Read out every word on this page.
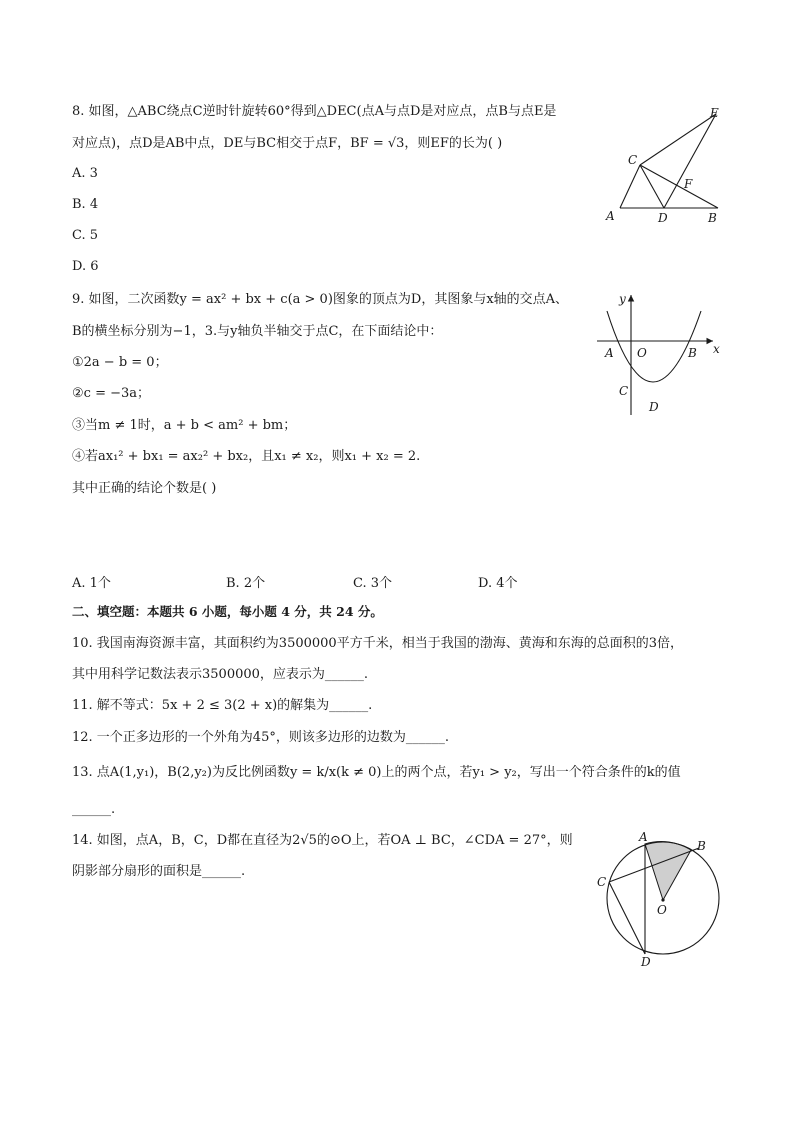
8. 如图，△ABC绕点C逆时针旋转60°得到△DEC(点A与点D是对应点，点B与点E是
对应点)，点D是AB中点，DE与BC相交于点F，BF = √3，则EF的长为( )
A. 3
B. 4
C. 5
D. 6
A	D	B
C
E
F
9. 如图，二次函数y = ax² + bx + c(a > 0)图象的顶点为D，其图象与x轴的交点A、
B的横坐标分别为−1，3.与y轴负半轴交于点C，在下面结论中：
①2a − b = 0；
②c = −3a；
③当m ≠ 1时，a + b < am² + bm；
④若ax₁² + bx₁ = ax₂² + bx₂，且x₁ ≠ x₂，则x₁ + x₂ = 2.
其中正确的结论个数是( )
A. 1个	B. 2个	C. 3个	D. 4个
y
x
A O	B
C
D
二、填空题：本题共 6 小题，每小题 4 分，共 24 分。
10. 我国南海资源丰富，其面积约为3500000平方千米，相当于我国的渤海、黄海和东海的总面积的3倍，
其中用科学记数法表示3500000，应表示为______.
11. 解不等式：5x + 2 ≤ 3(2 + x)的解集为______.
12. 一个正多边形的一个外角为45°，则该多边形的边数为______.
13. 点A(1,y₁)，B(2,y₂)为反比例函数y = k/x(k ≠ 0)上的两个点，若y₁ > y₂，写出一个符合条件的k的值
______.
14. 如图，点A，B，C，D都在直径为2√5的⊙O上，若OA ⊥ BC，∠CDA = 27°，则
阴影部分扇形的面积是______.
A
B
C
D
O
